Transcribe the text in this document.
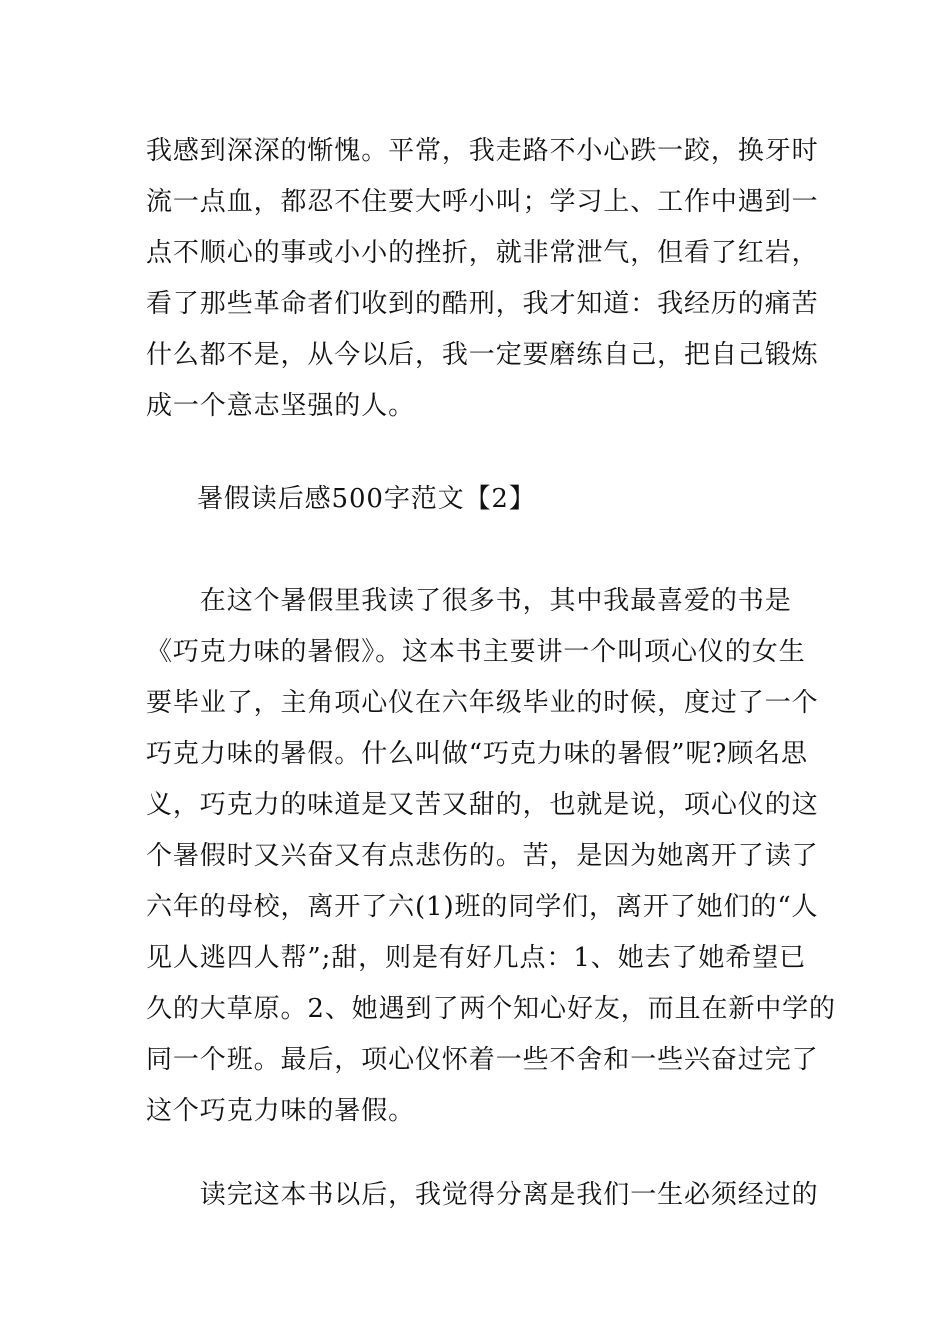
我感到深深的惭愧。平常，我走路不小心跌一跤，换牙时
流一点血，都忍不住要大呼小叫；学习上、工作中遇到一
点不顺心的事或小小的挫折，就非常泄气，但看了红岩，
看了那些革命者们收到的酷刑，我才知道：我经历的痛苦
什么都不是，从今以后，我一定要磨练自己，把自己锻炼
成一个意志坚强的人。
暑假读后感500字范文【2】
　　在这个暑假里我读了很多书，其中我最喜爱的书是
《巧克力味的暑假》。这本书主要讲一个叫项心仪的女生
要毕业了，主角项心仪在六年级毕业的时候，度过了一个
巧克力味的暑假。什么叫做“巧克力味的暑假”呢?顾名思
义，巧克力的味道是又苦又甜的，也就是说，项心仪的这
个暑假时又兴奋又有点悲伤的。苦，是因为她离开了读了
六年的母校，离开了六(1)班的同学们，离开了她们的“人
见人逃四人帮”;甜，则是有好几点：1、她去了她希望已
久的大草原。2、她遇到了两个知心好友，而且在新中学的
同一个班。最后，项心仪怀着一些不舍和一些兴奋过完了
这个巧克力味的暑假。
　　读完这本书以后，我觉得分离是我们一生必须经过的
